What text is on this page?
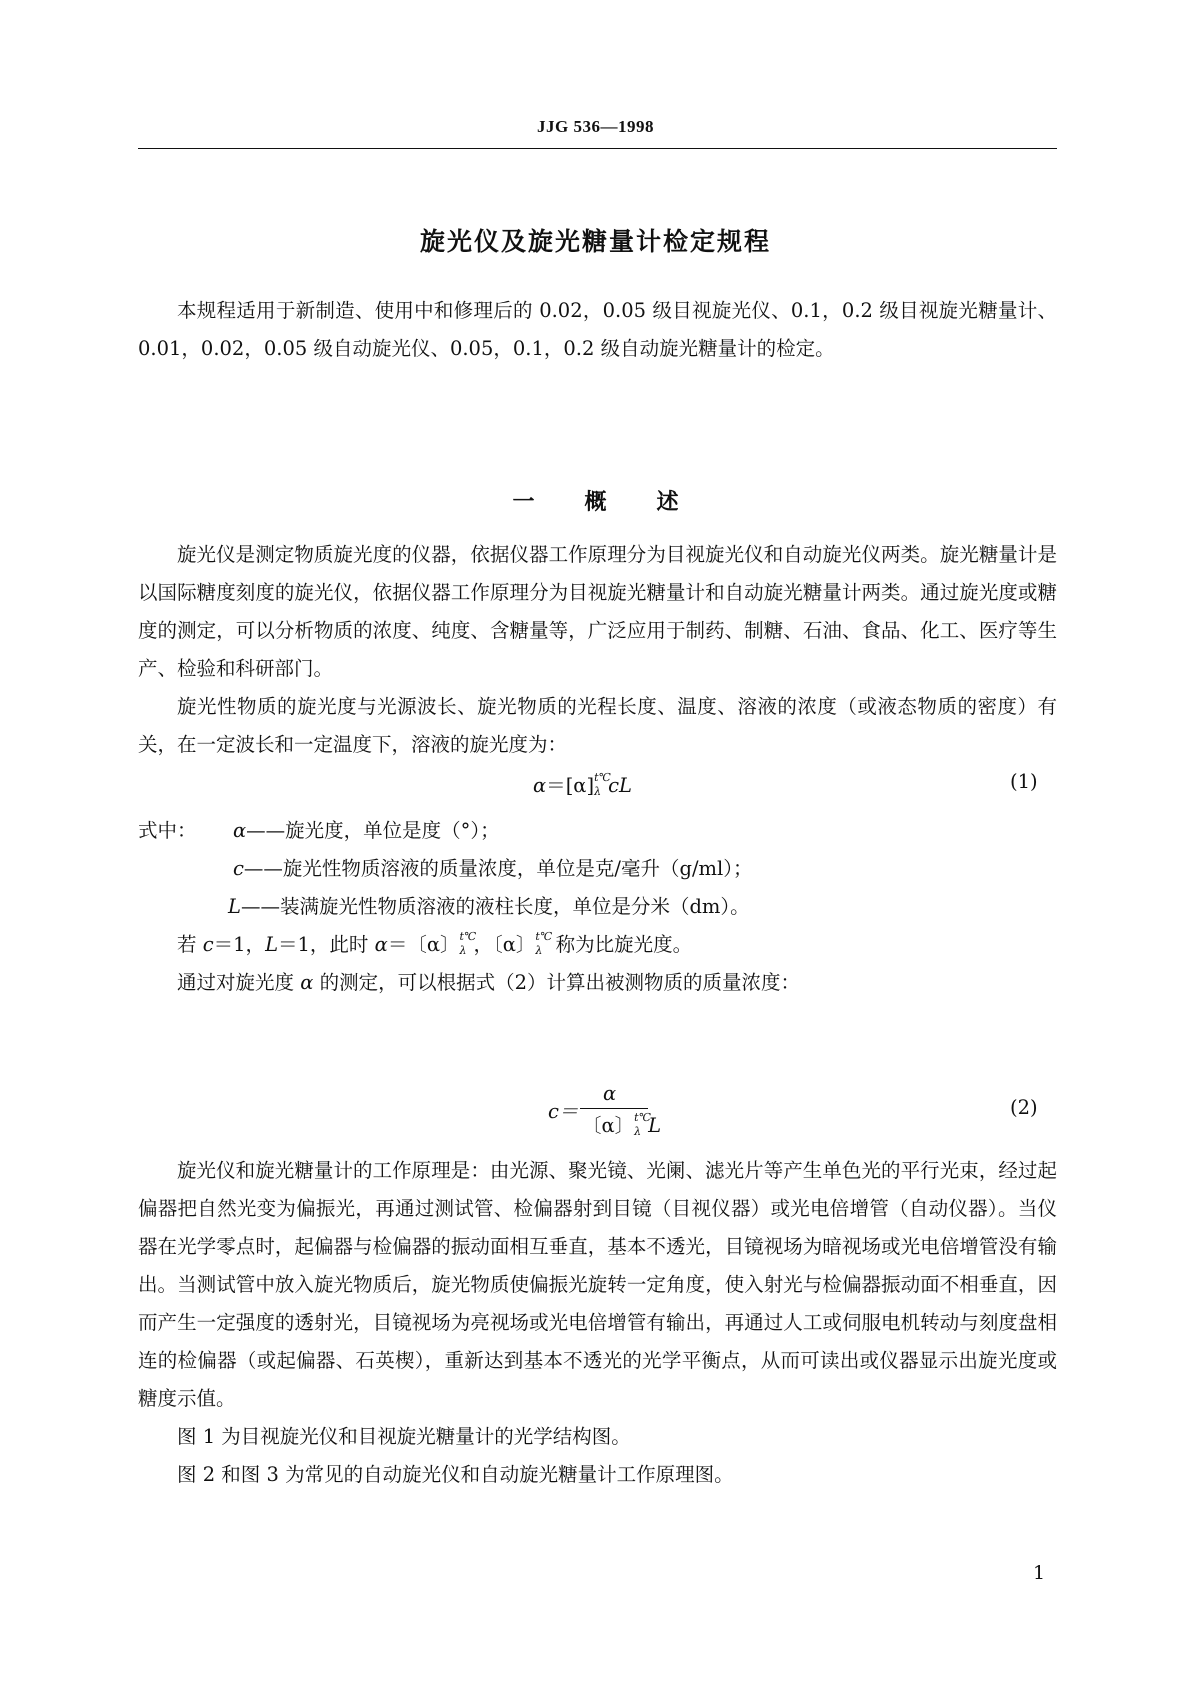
JJG 536—1998
旋光仪及旋光糖量计检定规程

本规程适用于新制造、使用中和修理后的 0.02，0.05 级目视旋光仪、0.1，0.2 级目视旋光糖量计、0.01，0.02，0.05 级自动旋光仪、0.05，0.1，0.2 级自动旋光糖量计的检定。

一 概 述

旋光仪是测定物质旋光度的仪器，依据仪器工作原理分为目视旋光仪和自动旋光仪两类。旋光糖量计是以国际糖度刻度的旋光仪，依据仪器工作原理分为目视旋光糖量计和自动旋光糖量计两类。通过旋光度或糖度的测定，可以分析物质的浓度、纯度、含糖量等，广泛应用于制药、制糖、石油、食品、化工、医疗等生产、检验和科研部门。

旋光性物质的旋光度与光源波长、旋光物质的光程长度、温度、溶液的浓度（或液态物质的密度）有关，在一定波长和一定温度下，溶液的旋光度为：

α＝[α] t℃
λ cL	(1)
式中： α——旋光度，单位是度（°）；
c——旋光性物质溶液的质量浓度，单位是克/毫升（g/ml）；
L——装满旋光性物质溶液的液柱长度，单位是分米（dm）。
若 c＝1，L＝1，此时 α＝〔α〕 t℃
λ ，〔α〕 t℃
λ 称为比旋光度。
通过对旋光度 α 的测定，可以根据式（2）计算出被测物质的质量浓度：
c＝
α
〔α〕 t℃
λ L
(2)

旋光仪和旋光糖量计的工作原理是：由光源、聚光镜、光阑、滤光片等产生单色光的平行光束，经过起偏器把自然光变为偏振光，再通过测试管、检偏器射到目镜（目视仪器）或光电倍增管（自动仪器）。当仪器在光学零点时，起偏器与检偏器的振动面相互垂直，基本不透光，目镜视场为暗视场或光电倍增管没有输出。当测试管中放入旋光物质后，旋光物质使偏振光旋转一定角度，使入射光与检偏器振动面不相垂直，因而产生一定强度的透射光，目镜视场为亮视场或光电倍增管有输出，再通过人工或伺服电机转动与刻度盘相连的检偏器（或起偏器、石英楔），重新达到基本不透光的光学平衡点，从而可读出或仪器显示出旋光度或糖度示值。

图 1 为目视旋光仪和目视旋光糖量计的光学结构图。

图 2 和图 3 为常见的自动旋光仪和自动旋光糖量计工作原理图。

1
